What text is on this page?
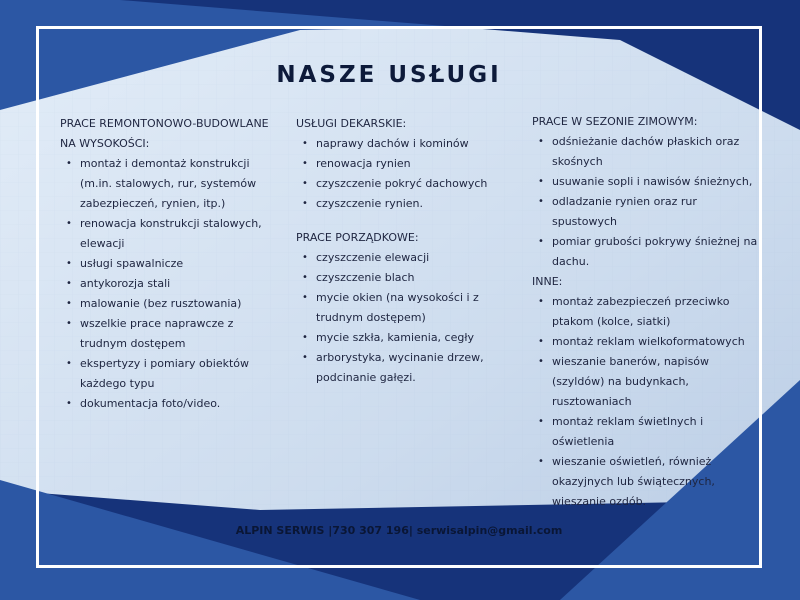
NASZE USŁUGI

PRACE REMONTONOWO-BUDOWLANE NA WYSOKOŚCI:

• montaż i demontaż konstrukcji (m.in. stalowych, rur, systemów zabezpieczeń, rynien, itp.)
• renowacja konstrukcji stalowych, elewacji
• usługi spawalnicze
• antykorozja stali
• malowanie (bez rusztowania)
• wszelkie prace naprawcze z trudnym dostępem
• ekspertyzy i pomiary obiektów każdego typu
• dokumentacja foto/video.

USŁUGI DEKARSKIE:

• naprawy dachów i kominów
• renowacja rynien
• czyszczenie pokryć dachowych
• czyszczenie rynien.

PRACE PORZĄDKOWE:

• czyszczenie elewacji
• czyszczenie blach
• mycie okien (na wysokości i z trudnym dostępem)
• mycie szkła, kamienia, cegły
• arborystyka, wycinanie drzew, podcinanie gałęzi.

PRACE W SEZONIE ZIMOWYM:

• odśnieżanie dachów płaskich oraz skośnych
• usuwanie sopli i nawisów śnieżnych,
• odladzanie rynien oraz rur spustowych
• pomiar grubości pokrywy śnieżnej na dachu.

INNE:

• montaż zabezpieczeń przeciwko ptakom (kolce, siatki)
• montaż reklam wielkoformatowych
• wieszanie banerów, napisów (szyldów) na budynkach, rusztowaniach
• montaż reklam świetlnych i oświetlenia
• wieszanie oświetleń, również okazyjnych lub świątecznych, wieszanie ozdób.
ALPIN SERWIS |730 307 196| serwisalpin@gmail.com
